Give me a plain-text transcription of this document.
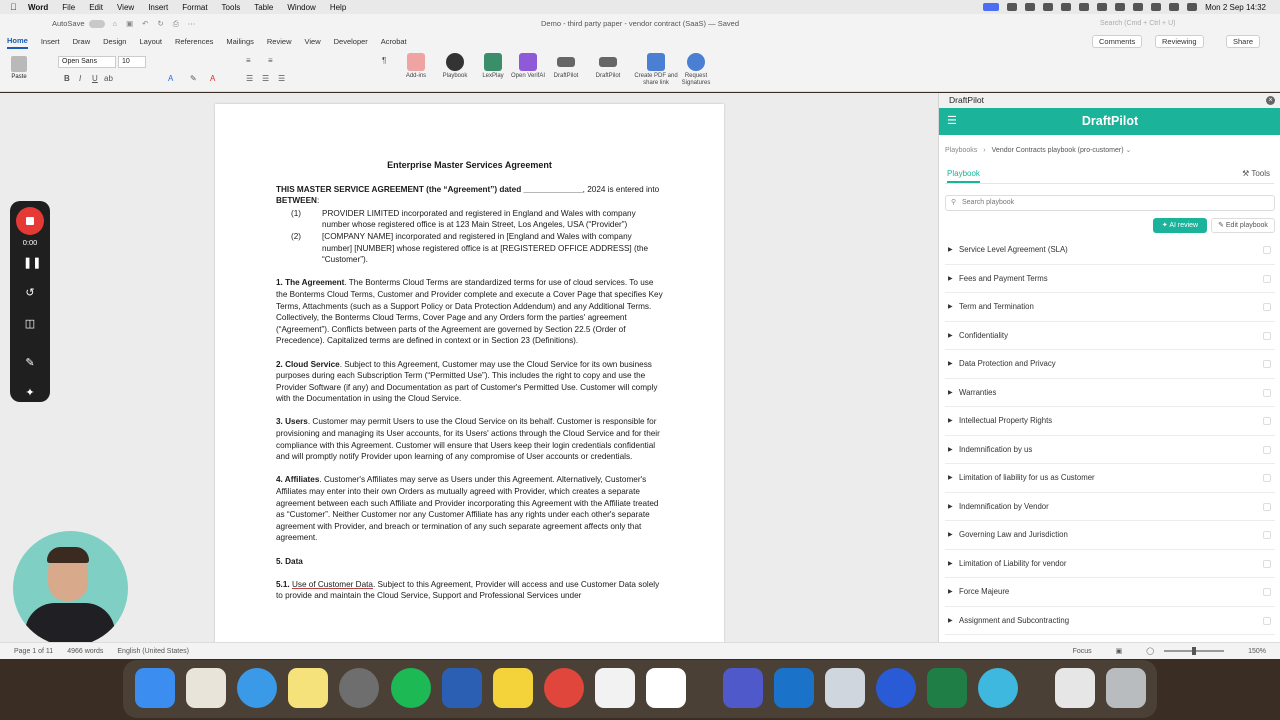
Word File Edit View Insert Format Tools Table Window Help	Mon 2 Sep 14:32
AutoSave	⌂ ▣ ↶ ↻ ⎙ ⋯	Demo - third party paper - vendor contract (SaaS) — Saved	Search (Cmd + Ctrl + U)
Home Insert Draw Design Layout References Mailings Review View Developer Acrobat	Comments	Reviewing	Share
Paste
Open Sans	10
B I U ab	A ✎ A
≡ ≡
☰ ☰ ☰
¶
Add-ins	Playbook	LexPlay	Open VerifAI	DraftPilot	DraftPilot	Create PDF and share link
Request Signatures
Enterprise Master Services Agreement
THIS MASTER SERVICE AGREEMENT (the “Agreement”) dated _____________, 2024 is entered into
BETWEEN:
(1)	PROVIDER LIMITED incorporated and registered in England and Wales with company number whose registered office is at 123 Main Street, Los Angeles, USA (“Provider”)
(2)	[COMPANY NAME] incorporated and registered in [England and Wales with company number] [NUMBER] whose registered office is at [REGISTERED OFFICE ADDRESS] (the “Customer”).

1. The Agreement. The Bonterms Cloud Terms are standardized terms for use of cloud services. To use the Bonterms Cloud Terms, Customer and Provider complete and execute a Cover Page that specifies Key Terms, Attachments (such as a Support Policy or Data Protection Addendum) and any Additional Terms. Collectively, the Bonterms Cloud Terms, Cover Page and any Orders form the parties' agreement (“Agreement”). Conflicts between parts of the Agreement are governed by Section 22.5 (Order of Precedence). Capitalized terms are defined in context or in Section 23 (Definitions).

2. Cloud Service. Subject to this Agreement, Customer may use the Cloud Service for its own business purposes during each Subscription Term (“Permitted Use”). This includes the right to copy and use the Provider Software (if any) and Documentation as part of Customer's Permitted Use. Customer will comply with the Documentation in using the Cloud Service.

3. Users. Customer may permit Users to use the Cloud Service on its behalf. Customer is responsible for provisioning and managing its User accounts, for its Users' actions through the Cloud Service and for their compliance with this Agreement. Customer will ensure that Users keep their login credentials confidential and will promptly notify Provider upon learning of any compromise of User accounts or credentials.

4. Affiliates. Customer's Affiliates may serve as Users under this Agreement. Alternatively, Customer's Affiliates may enter into their own Orders as mutually agreed with Provider, which creates a separate agreement between each such Affiliate and Provider incorporating this Agreement with the Affiliate treated as “Customer”. Neither Customer nor any Customer Affiliate has any rights under each other's separate agreement with Provider, and breach or termination of any such separate agreement affects only that agreement.

5. Data

5.1. Use of Customer Data. Subject to this Agreement, Provider will access and use Customer Data solely to provide and maintain the Cloud Service, Support and Professional Services under

0:00
❚❚
↺
◫
✎
✦
Page 1 of 11 4966 words English (United States)	Focus	▣	◯	150%
DraftPilot	×
☰	DraftPilot
Playbooks › Vendor Contracts playbook (pro-customer) ⌄
Playbook	⚒ Tools
⚲ Search playbook
✦ AI review	✎ Edit playbook
▶ Service Level Agreement (SLA)
▶ Fees and Payment Terms
▶ Term and Termination
▶ Confidentiality
▶ Data Protection and Privacy
▶ Warranties
▶ Intellectual Property Rights
▶ Indemnification by us
▶ Limitation of liability for us as Customer
▶ Indemnification by Vendor
▶ Governing Law and Jurisdiction
▶ Limitation of Liability for vendor
▶ Force Majeure
▶ Assignment and Subcontracting
